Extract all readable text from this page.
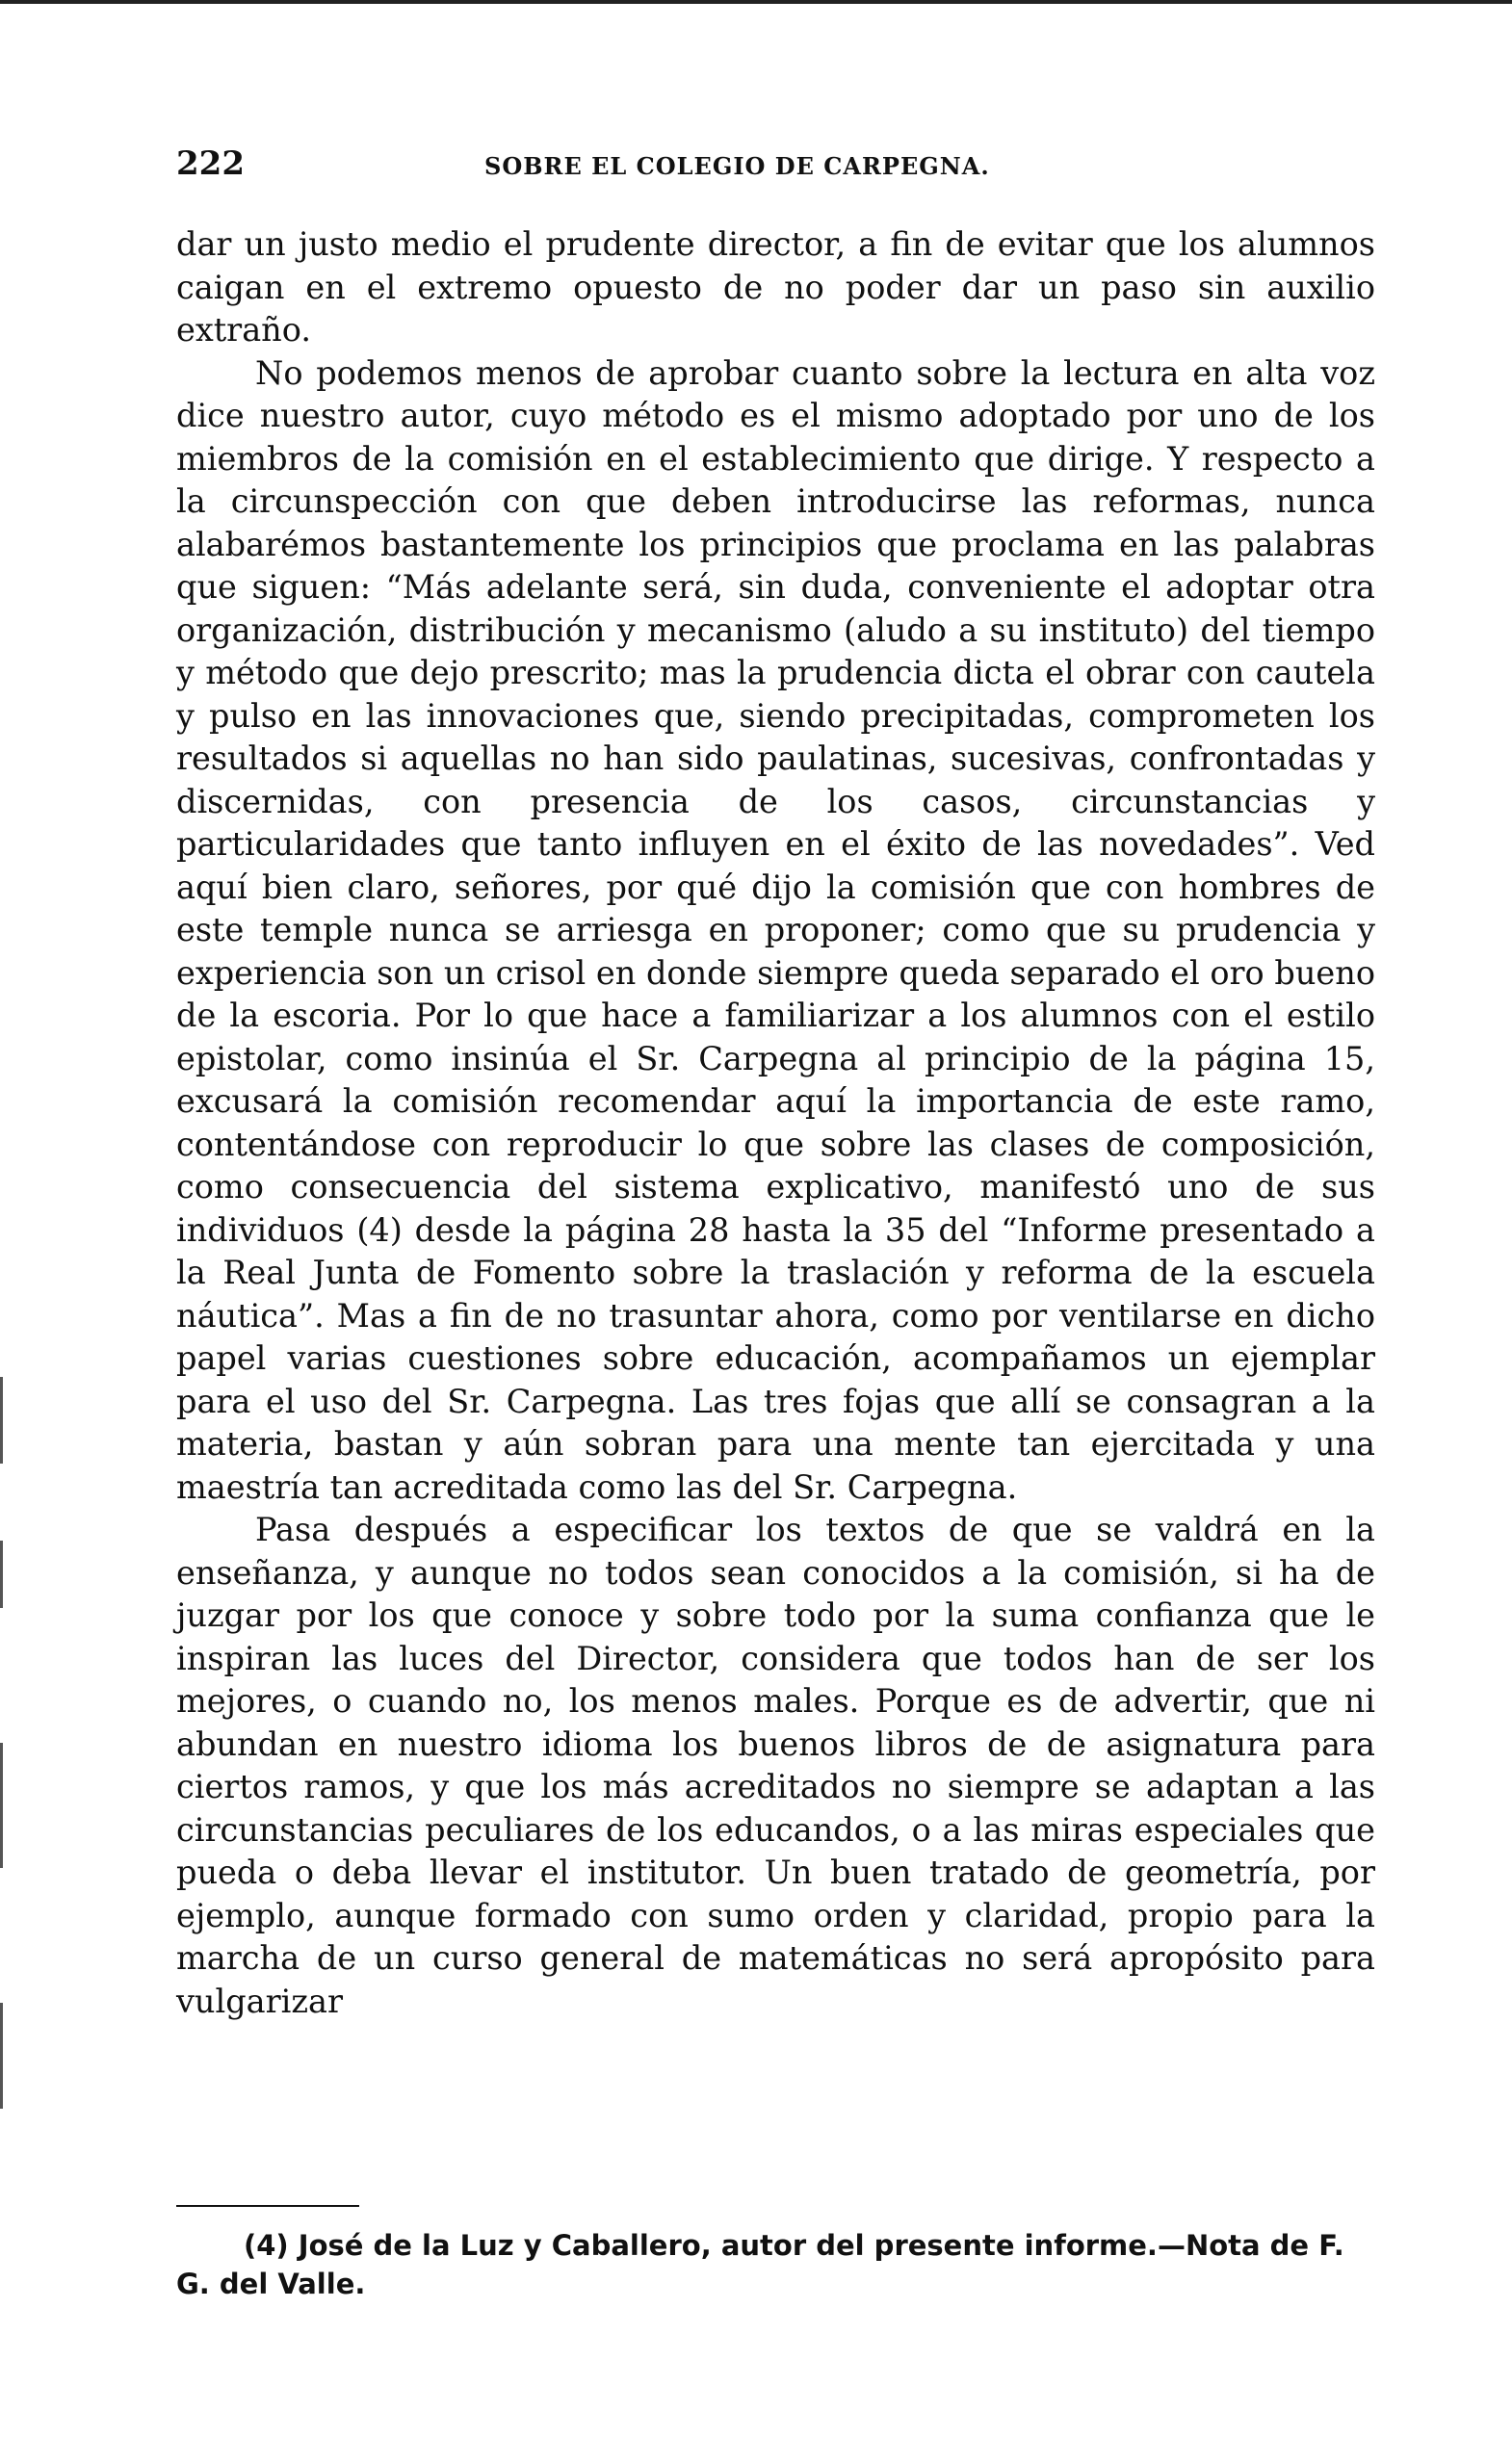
222	SOBRE EL COLEGIO DE CARPEGNA.

dar un justo medio el prudente director, a fin de evitar que los alumnos caigan en el extremo opuesto de no poder dar un paso sin auxilio extraño.

No podemos menos de aprobar cuanto sobre la lectura en alta voz dice nuestro autor, cuyo método es el mismo adoptado por uno de los miembros de la comisión en el establecimiento que dirige. Y respecto a la circunspección con que deben introducirse las reformas, nunca alabarémos bastantemente los principios que proclama en las palabras que siguen: “Más adelante será, sin duda, conveniente el adoptar otra organización, distribución y mecanismo (aludo a su instituto) del tiempo y método que dejo prescrito; mas la prudencia dicta el obrar con cautela y pulso en las innovaciones que, siendo precipitadas, comprometen los resultados si aquellas no han sido paulatinas, sucesivas, confrontadas y discernidas, con presencia de los casos, circunstancias y particularidades que tanto influyen en el éxito de las novedades”. Ved aquí bien claro, señores, por qué dijo la comisión que con hombres de este temple nunca se arriesga en proponer; como que su prudencia y experiencia son un crisol en donde siempre queda separado el oro bueno de la escoria. Por lo que hace a familiarizar a los alumnos con el estilo epistolar, como insinúa el Sr. Carpegna al principio de la página 15, excusará la comisión recomendar aquí la importancia de este ramo, contentándose con reproducir lo que sobre las clases de composición, como consecuencia del sistema explicativo, manifestó uno de sus individuos (4) desde la página 28 hasta la 35 del “Informe presentado a la Real Junta de Fomento sobre la traslación y reforma de la escuela náutica”. Mas a fin de no trasuntar ahora, como por ventilarse en dicho papel varias cuestiones sobre educación, acompañamos un ejemplar para el uso del Sr. Carpegna. Las tres fojas que allí se consagran a la materia, bastan y aún sobran para una mente tan ejercitada y una maestría tan acreditada como las del Sr. Carpegna.

Pasa después a especificar los textos de que se valdrá en la enseñanza, y aunque no todos sean conocidos a la comisión, si ha de juzgar por los que conoce y sobre todo por la suma confianza que le inspiran las luces del Director, considera que todos han de ser los mejores, o cuando no, los menos males. Porque es de advertir, que ni abundan en nuestro idioma los buenos libros de de asignatura para ciertos ramos, y que los más acreditados no siempre se adaptan a las circunstancias peculiares de los educandos, o a las miras especiales que pueda o deba llevar el institutor. Un buen tratado de geometría, por ejemplo, aunque formado con sumo orden y claridad, propio para la marcha de un curso general de matemáticas no será apropósito para vulgarizar

(4) José de la Luz y Caballero, autor del presente informe.—Nota de F. G. del Valle.
